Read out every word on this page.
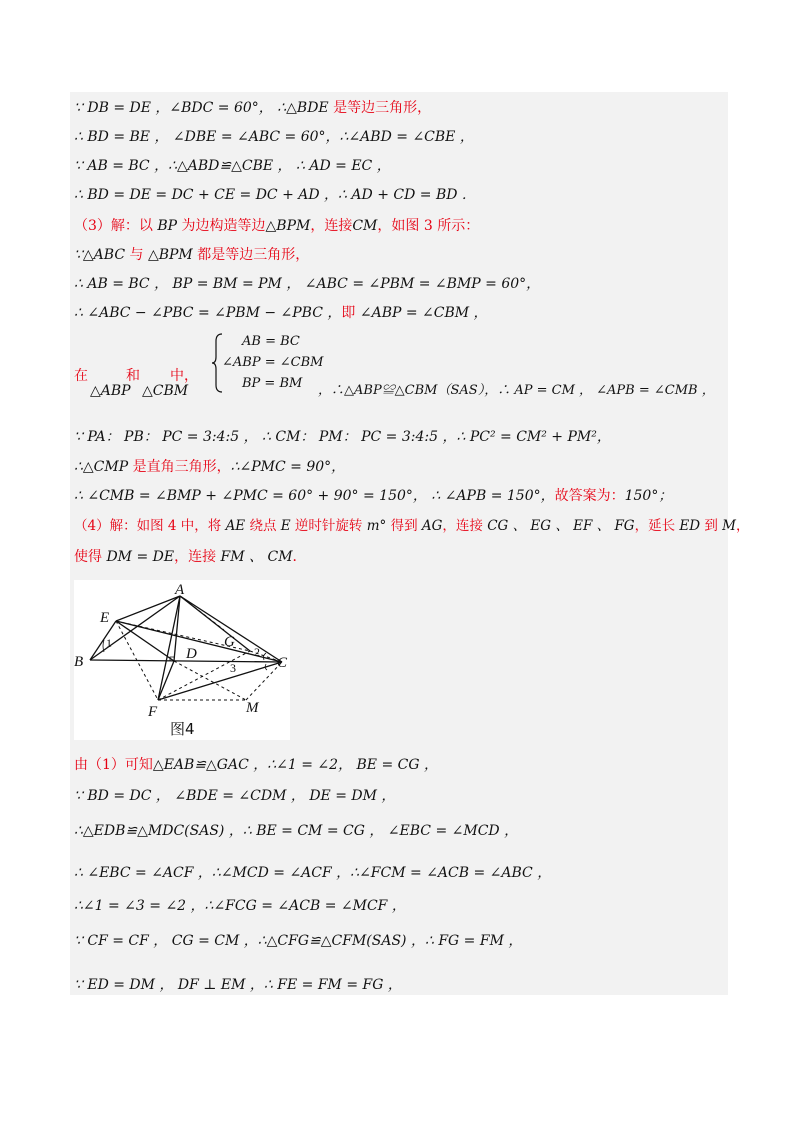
∵ DB = DE ，∠BDC = 60°， ∴△BDE 是等边三角形，
∴ BD = BE ， ∠DBE = ∠ABC = 60°，∴∠ABD = ∠CBE ，
∵ AB = BC ，∴△ABD≌△CBE ， ∴ AD = EC ，
∴ BD = DE = DC + CE = DC + AD ，∴ AD + CD = BD ．
（3）解：以 BP 为边构造等边△BPM，连接CM，如图 3 所示：
∵△ABC 与 △BPM 都是等边三角形，
∴ AB = BC ， BP = BM = PM ， ∠ABC = ∠PBM = ∠BMP = 60°，
∴ ∠ABC − ∠PBC = ∠PBM − ∠PBC ，即 ∠ABP = ∠CBM ，
在	和 中，
△ABP △CBM
AB = BC
∠ABP = ∠CBM
BP = BM ，∴△ABP≌△CBM（SAS），∴ AP = CM ， ∠APB = ∠CMB ，
∵ PA： PB： PC = 3:4:5 ， ∴ CM： PM： PC = 3:4:5 ，∴ PC² = CM² + PM²，
∴△CMP 是直角三角形，∴∠PMC = 90°，
∴ ∠CMB = ∠BMP + ∠PMC = 60° + 90° = 150°， ∴ ∠APB = 150°，故答案为：150°；
（4）解：如图 4 中，将 AE 绕点 E 逆时针旋转 m° 得到 AG，连接 CG 、 EG 、 EF 、 FG，延长 ED 到 M，
使得 DM = DE，连接 FM 、 CM．
A
E
B	D
G
C
F	M
1
2
3
图4
由（1）可知△EAB≌△GAC ，∴∠1 = ∠2， BE = CG ，
∵ BD = DC ， ∠BDE = ∠CDM ， DE = DM ，
∴△EDB≌△MDC(SAS) ，∴ BE = CM = CG ， ∠EBC = ∠MCD ，
∴ ∠EBC = ∠ACF ，∴∠MCD = ∠ACF ，∴∠FCM = ∠ACB = ∠ABC ，
∴∠1 = ∠3 = ∠2 ，∴∠FCG = ∠ACB = ∠MCF ，
∵ CF = CF ， CG = CM ，∴△CFG≌△CFM(SAS) ，∴ FG = FM ，
∵ ED = DM ， DF ⊥ EM ，∴ FE = FM = FG ，
